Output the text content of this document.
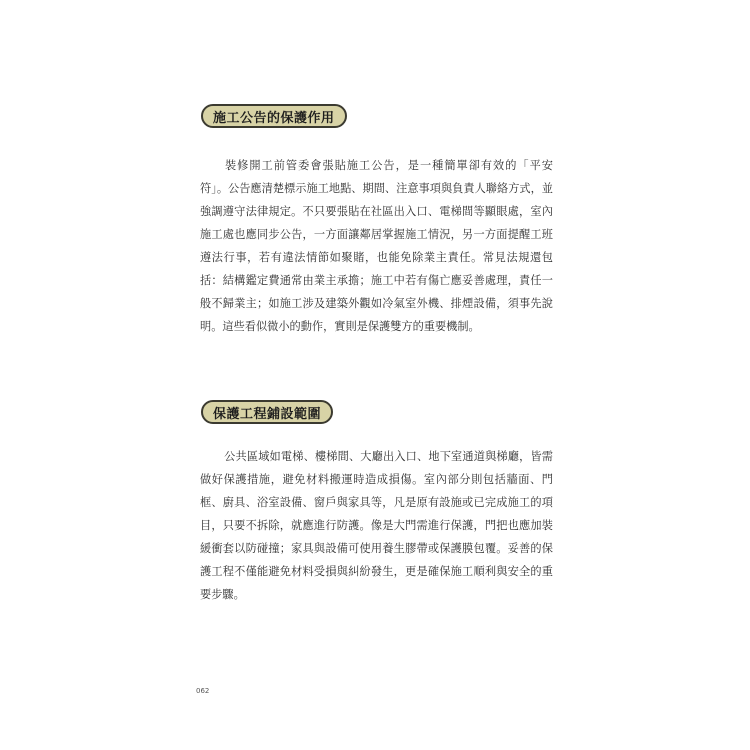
施工公告的保護作用

裝修開工前管委會張貼施工公告，是一種簡單卻有效的「平安符」。公告應清楚標示施工地點、期間、注意事項與負責人聯絡方式，並強調遵守法律規定。不只要張貼在社區出入口、電梯間等顯眼處，室內施工處也應同步公告，一方面讓鄰居掌握施工情況，另一方面提醒工班遵法行事，若有違法情節如聚賭，也能免除業主責任。常見法規還包括：結構鑑定費通常由業主承擔；施工中若有傷亡應妥善處理，責任一般不歸業主；如施工涉及建築外觀如冷氣室外機、排煙設備，須事先說明。這些看似微小的動作，實則是保護雙方的重要機制。

保護工程鋪設範圍

公共區域如電梯、樓梯間、大廳出入口、地下室通道與梯廳，皆需做好保護措施，避免材料搬運時造成損傷。室內部分則包括牆面、門框、廚具、浴室設備、窗戶與家具等，凡是原有設施或已完成施工的項目，只要不拆除，就應進行防護。像是大門需進行保護，門把也應加裝緩衝套以防碰撞；家具與設備可使用養生膠帶或保護膜包覆。妥善的保護工程不僅能避免材料受損與糾紛發生，更是確保施工順利與安全的重要步驟。

062
